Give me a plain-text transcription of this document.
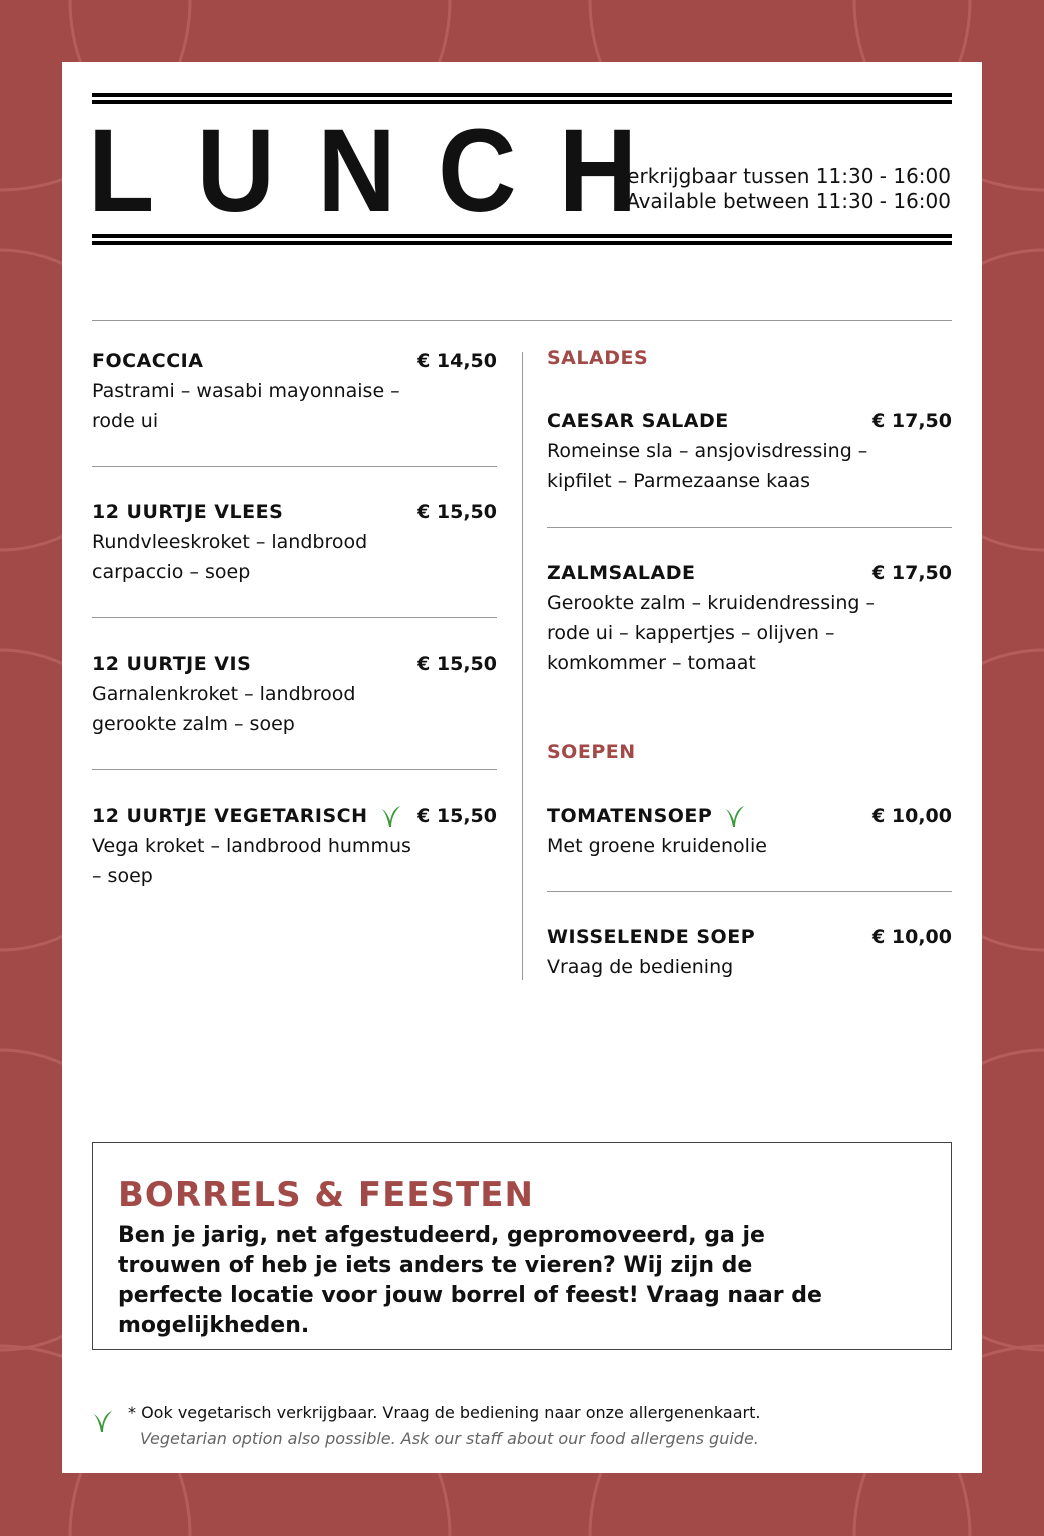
LUNCH
Verkrijgbaar tussen 11:30 - 16:00
Available between 11:30 - 16:00
FOCACCIA	€ 14,50
Pastrami – wasabi mayonnaise – rode ui
12 UURTJE VLEES	€ 15,50
Rundvleeskroket – landbrood carpaccio – soep
12 UURTJE VIS	€ 15,50
Garnalenkroket – landbrood gerookte zalm – soep
12 UURTJE VEGETARISCH	€ 15,50
Vega kroket – landbrood hummus – soep
SALADES
SOEPEN
CAESAR SALADE	€ 17,50
Romeinse sla – ansjovisdressing – kipfilet – Parmezaanse kaas
ZALMSALADE	€ 17,50
Gerookte zalm – kruidendressing – rode ui – kappertjes – olijven – komkommer – tomaat
TOMATENSOEP	€ 10,00
Met groene kruidenolie
WISSELENDE SOEP	€ 10,00
Vraag de bediening
BORRELS & FEESTEN

Ben je jarig, net afgestudeerd, gepromoveerd, ga je trouwen of heb je iets anders te vieren? Wij zijn de perfecte locatie voor jouw borrel of feest! Vraag naar de mogelijkheden.

* Ook vegetarisch verkrijgbaar. Vraag de bediening naar onze allergenenkaart.
Vegetarian option also possible. Ask our staff about our food allergens guide.
